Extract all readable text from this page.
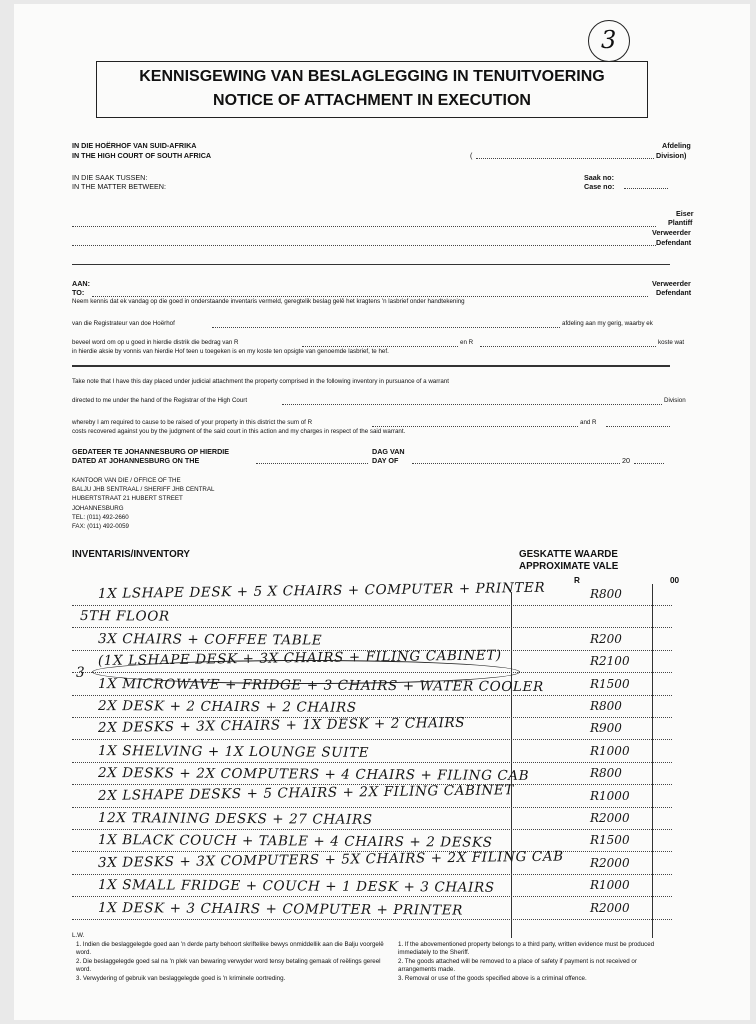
3
KENNISGEWING VAN BESLAGLEGGING IN TENUITVOERING
NOTICE OF ATTACHMENT IN EXECUTION
IN DIE HOËRHOF VAN SUID-AFRIKA
IN THE HIGH COURT OF SOUTH AFRICA
Afdeling
(	Division)
IN DIE SAAK TUSSEN:
IN THE MATTER BETWEEN:
Saak no:
Case no:
Eiser
Plantiff
Verweerder
Defendant
AAN:
TO:
Verweerder
Defendant
Neem kennis dat ek vandag op die goed in onderstaande inventaris vermeld, geregtelik beslag gelê het kragtens 'n lasbrief onder handtekening
van die Registrateur van doe Hoërhof	afdeling aan my gerig, waarby ek
beveel word om op u goed in hierdie distrik die bedrag van R	en R	koste wat
in hierdie aksie by vonnis van hierdie Hof teen u toegeken is en my koste ten opsigte van genoemde lasbrief, te hef.
Take note that I have this day placed under judicial attachment the property comprised in the following inventory in pursuance of a warrant
directed to me under the hand of the Registrar of the High Court	Division
whereby I am required to cause to be raised of your property in this district the sum of R	and R
costs recovered against you by the judgment of the said court in this action and my charges in respect of the said warrant.
GEDATEER TE JOHANNESBURG OP HIERDIE
DATED AT JOHANNESBURG ON THE
DAG VAN
DAY OF	20
KANTOOR VAN DIE / OFFICE OF THE
BALJU JHB SENTRAAL / SHERIFF JHB CENTRAL
HUBERTSTRAAT 21 HUBERT STREET
JOHANNESBURG
TEL: (011) 492-2660
FAX: (011) 492-0059
INVENTARIS/INVENTORY	GESKATTE WAARDE
APPROXIMATE VALE
R	00
1X LSHAPE DESK + 5 X CHAIRS + COMPUTER + PRINTER	R800
5TH FLOOR
3X CHAIRS + COFFEE TABLE	R200
(1X LSHAPE DESK + 3X CHAIRS + FILING CABINET)	R2100
1X MICROWAVE + FRIDGE + 3 CHAIRS + WATER COOLER	R1500
2X DESK + 2 CHAIRS + 2 CHAIRS	R800
2X DESKS + 3X CHAIRS + 1X DESK + 2 CHAIRS	R900
1X SHELVING + 1X LOUNGE SUITE	R1000
2X DESKS + 2X COMPUTERS + 4 CHAIRS + FILING CAB	R800
2X LSHAPE DESKS + 5 CHAIRS + 2X FILING CABINET	R1000
12X TRAINING DESKS + 27 CHAIRS	R2000
1X BLACK COUCH + TABLE + 4 CHAIRS + 2 DESKS	R1500
3X DESKS + 3X COMPUTERS + 5X CHAIRS + 2X FILING CAB R2000
1X SMALL FRIDGE + COUCH + 1 DESK + 3 CHAIRS	R1000
1X DESK + 3 CHAIRS + COMPUTER + PRINTER	R2000
3
L.W.
1. Indien die beslaggelegde goed aan 'n derde party behoort skriftelike bewys onmiddellik aan die Balju voorgelê word.
2. Die beslaggelegde goed sal na 'n plek van bewaring verwyder word tensy betaling gemaak of reëlings gereel word.
3. Verwydering of gebruik van beslaggelegde goed is 'n kriminele oortreding.
1. If the abovementioned property belongs to a third party, written evidence must be produced immediately to the Sheriff.
2. The goods attached will be removed to a place of safety if payment is not received or arrangements made.
3. Removal or use of the goods specified above is a criminal offence.
